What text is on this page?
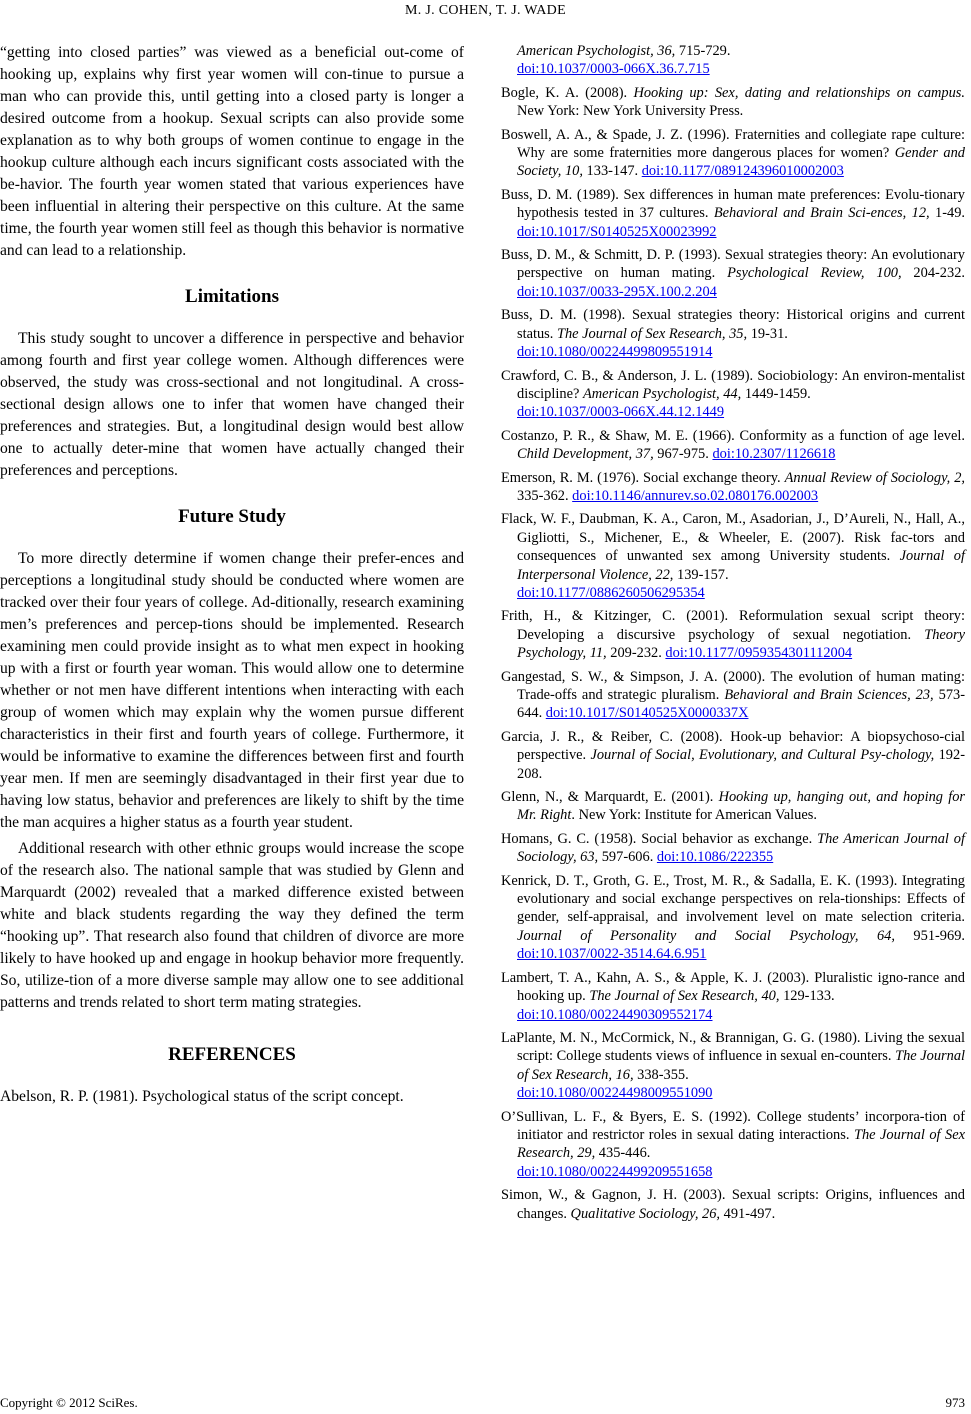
M. J. COHEN, T. J. WADE

“getting into closed parties” was viewed as a beneficial out-come of hooking up, explains why first year women will con-tinue to pursue a man who can provide this, until getting into a closed party is longer a desired outcome from a hookup. Sexual scripts can also provide some explanation as to why both groups of women continue to engage in the hookup culture although each incurs significant costs associated with the be-havior. The fourth year women stated that various experiences have been influential in altering their perspective on this culture. At the same time, the fourth year women still feel as though this behavior is normative and can lead to a relationship.

Limitations

This study sought to uncover a difference in perspective and behavior among fourth and first year college women. Although differences were observed, the study was cross-sectional and not longitudinal. A cross-sectional design allows one to infer that women have changed their preferences and strategies. But, a longitudinal design would best allow one to actually deter-mine that women have actually changed their preferences and perceptions.

Future Study

To more directly determine if women change their prefer-ences and perceptions a longitudinal study should be conducted where women are tracked over their four years of college. Ad-ditionally, research examining men’s preferences and percep-tions should be implemented. Research examining men could provide insight as to what men expect in hooking up with a first or fourth year woman. This would allow one to determine whether or not men have different intentions when interacting with each group of women which may explain why the women pursue different characteristics in their first and fourth years of college. Furthermore, it would be informative to examine the differences between first and fourth year men. If men are seemingly disadvantaged in their first year due to having low status, behavior and preferences are likely to shift by the time the man acquires a higher status as a fourth year student.

Additional research with other ethnic groups would increase the scope of the research also. The national sample that was studied by Glenn and Marquardt (2002) revealed that a marked difference existed between white and black students regarding the way they defined the term “hooking up”. That research also found that children of divorce are more likely to have hooked up and engage in hookup behavior more frequently. So, utilize-tion of a more diverse sample may allow one to see additional patterns and trends related to short term mating strategies.

REFERENCES

Abelson, R. P. (1981). Psychological status of the script concept.

American Psychologist, 36, 715-729.
doi:10.1037/0003-066X.36.7.715

Bogle, K. A. (2008). Hooking up: Sex, dating and relationships on campus. New York: New York University Press.

Boswell, A. A., & Spade, J. Z. (1996). Fraternities and collegiate rape culture: Why are some fraternities more dangerous places for women? Gender and Society, 10, 133-147. doi:10.1177/089124396010002003

Buss, D. M. (1989). Sex differences in human mate preferences: Evolu-tionary hypothesis tested in 37 cultures. Behavioral and Brain Sci-ences, 12, 1-49. doi:10.1017/S0140525X00023992

Buss, D. M., & Schmitt, D. P. (1993). Sexual strategies theory: An evolutionary perspective on human mating. Psychological Review, 100, 204-232. doi:10.1037/0033-295X.100.2.204

Buss, D. M. (1998). Sexual strategies theory: Historical origins and current status. The Journal of Sex Research, 35, 19-31.
doi:10.1080/00224499809551914

Crawford, C. B., & Anderson, J. L. (1989). Sociobiology: An environ-mentalist discipline? American Psychologist, 44, 1449-1459.
doi:10.1037/0003-066X.44.12.1449

Costanzo, P. R., & Shaw, M. E. (1966). Conformity as a function of age level. Child Development, 37, 967-975. doi:10.2307/1126618

Emerson, R. M. (1976). Social exchange theory. Annual Review of Sociology, 2, 335-362. doi:10.1146/annurev.so.02.080176.002003

Flack, W. F., Daubman, K. A., Caron, M., Asadorian, J., D’Aureli, N., Hall, A., Gigliotti, S., Michener, E., & Wheeler, E. (2007). Risk fac-tors and consequences of unwanted sex among University students. Journal of Interpersonal Violence, 22, 139-157.
doi:10.1177/0886260506295354

Frith, H., & Kitzinger, C. (2001). Reformulation sexual script theory: Developing a discursive psychology of sexual negotiation. Theory Psychology, 11, 209-232. doi:10.1177/0959354301112004

Gangestad, S. W., & Simpson, J. A. (2000). The evolution of human mating: Trade-offs and strategic pluralism. Behavioral and Brain Sciences, 23, 573-644. doi:10.1017/S0140525X0000337X

Garcia, J. R., & Reiber, C. (2008). Hook-up behavior: A biopsychoso-cial perspective. Journal of Social, Evolutionary, and Cultural Psy-chology, 192-208.

Glenn, N., & Marquardt, E. (2001). Hooking up, hanging out, and hoping for Mr. Right. New York: Institute for American Values.

Homans, G. C. (1958). Social behavior as exchange. The American Journal of Sociology, 63, 597-606. doi:10.1086/222355

Kenrick, D. T., Groth, G. E., Trost, M. R., & Sadalla, E. K. (1993). Integrating evolutionary and social exchange perspectives on rela-tionships: Effects of gender, self-appraisal, and involvement level on mate selection criteria. Journal of Personality and Social Psychology, 64, 951-969. doi:10.1037/0022-3514.64.6.951

Lambert, T. A., Kahn, A. S., & Apple, K. J. (2003). Pluralistic igno-rance and hooking up. The Journal of Sex Research, 40, 129-133.
doi:10.1080/00224490309552174

LaPlante, M. N., McCormick, N., & Brannigan, G. G. (1980). Living the sexual script: College students views of influence in sexual en-counters. The Journal of Sex Research, 16, 338-355.
doi:10.1080/00224498009551090

O’Sullivan, L. F., & Byers, E. S. (1992). College students’ incorpora-tion of initiator and restrictor roles in sexual dating interactions. The Journal of Sex Research, 29, 435-446.
doi:10.1080/00224499209551658

Simon, W., & Gagnon, J. H. (2003). Sexual scripts: Origins, influences and changes. Qualitative Sociology, 26, 491-497.

Copyright © 2012 SciRes.	973
